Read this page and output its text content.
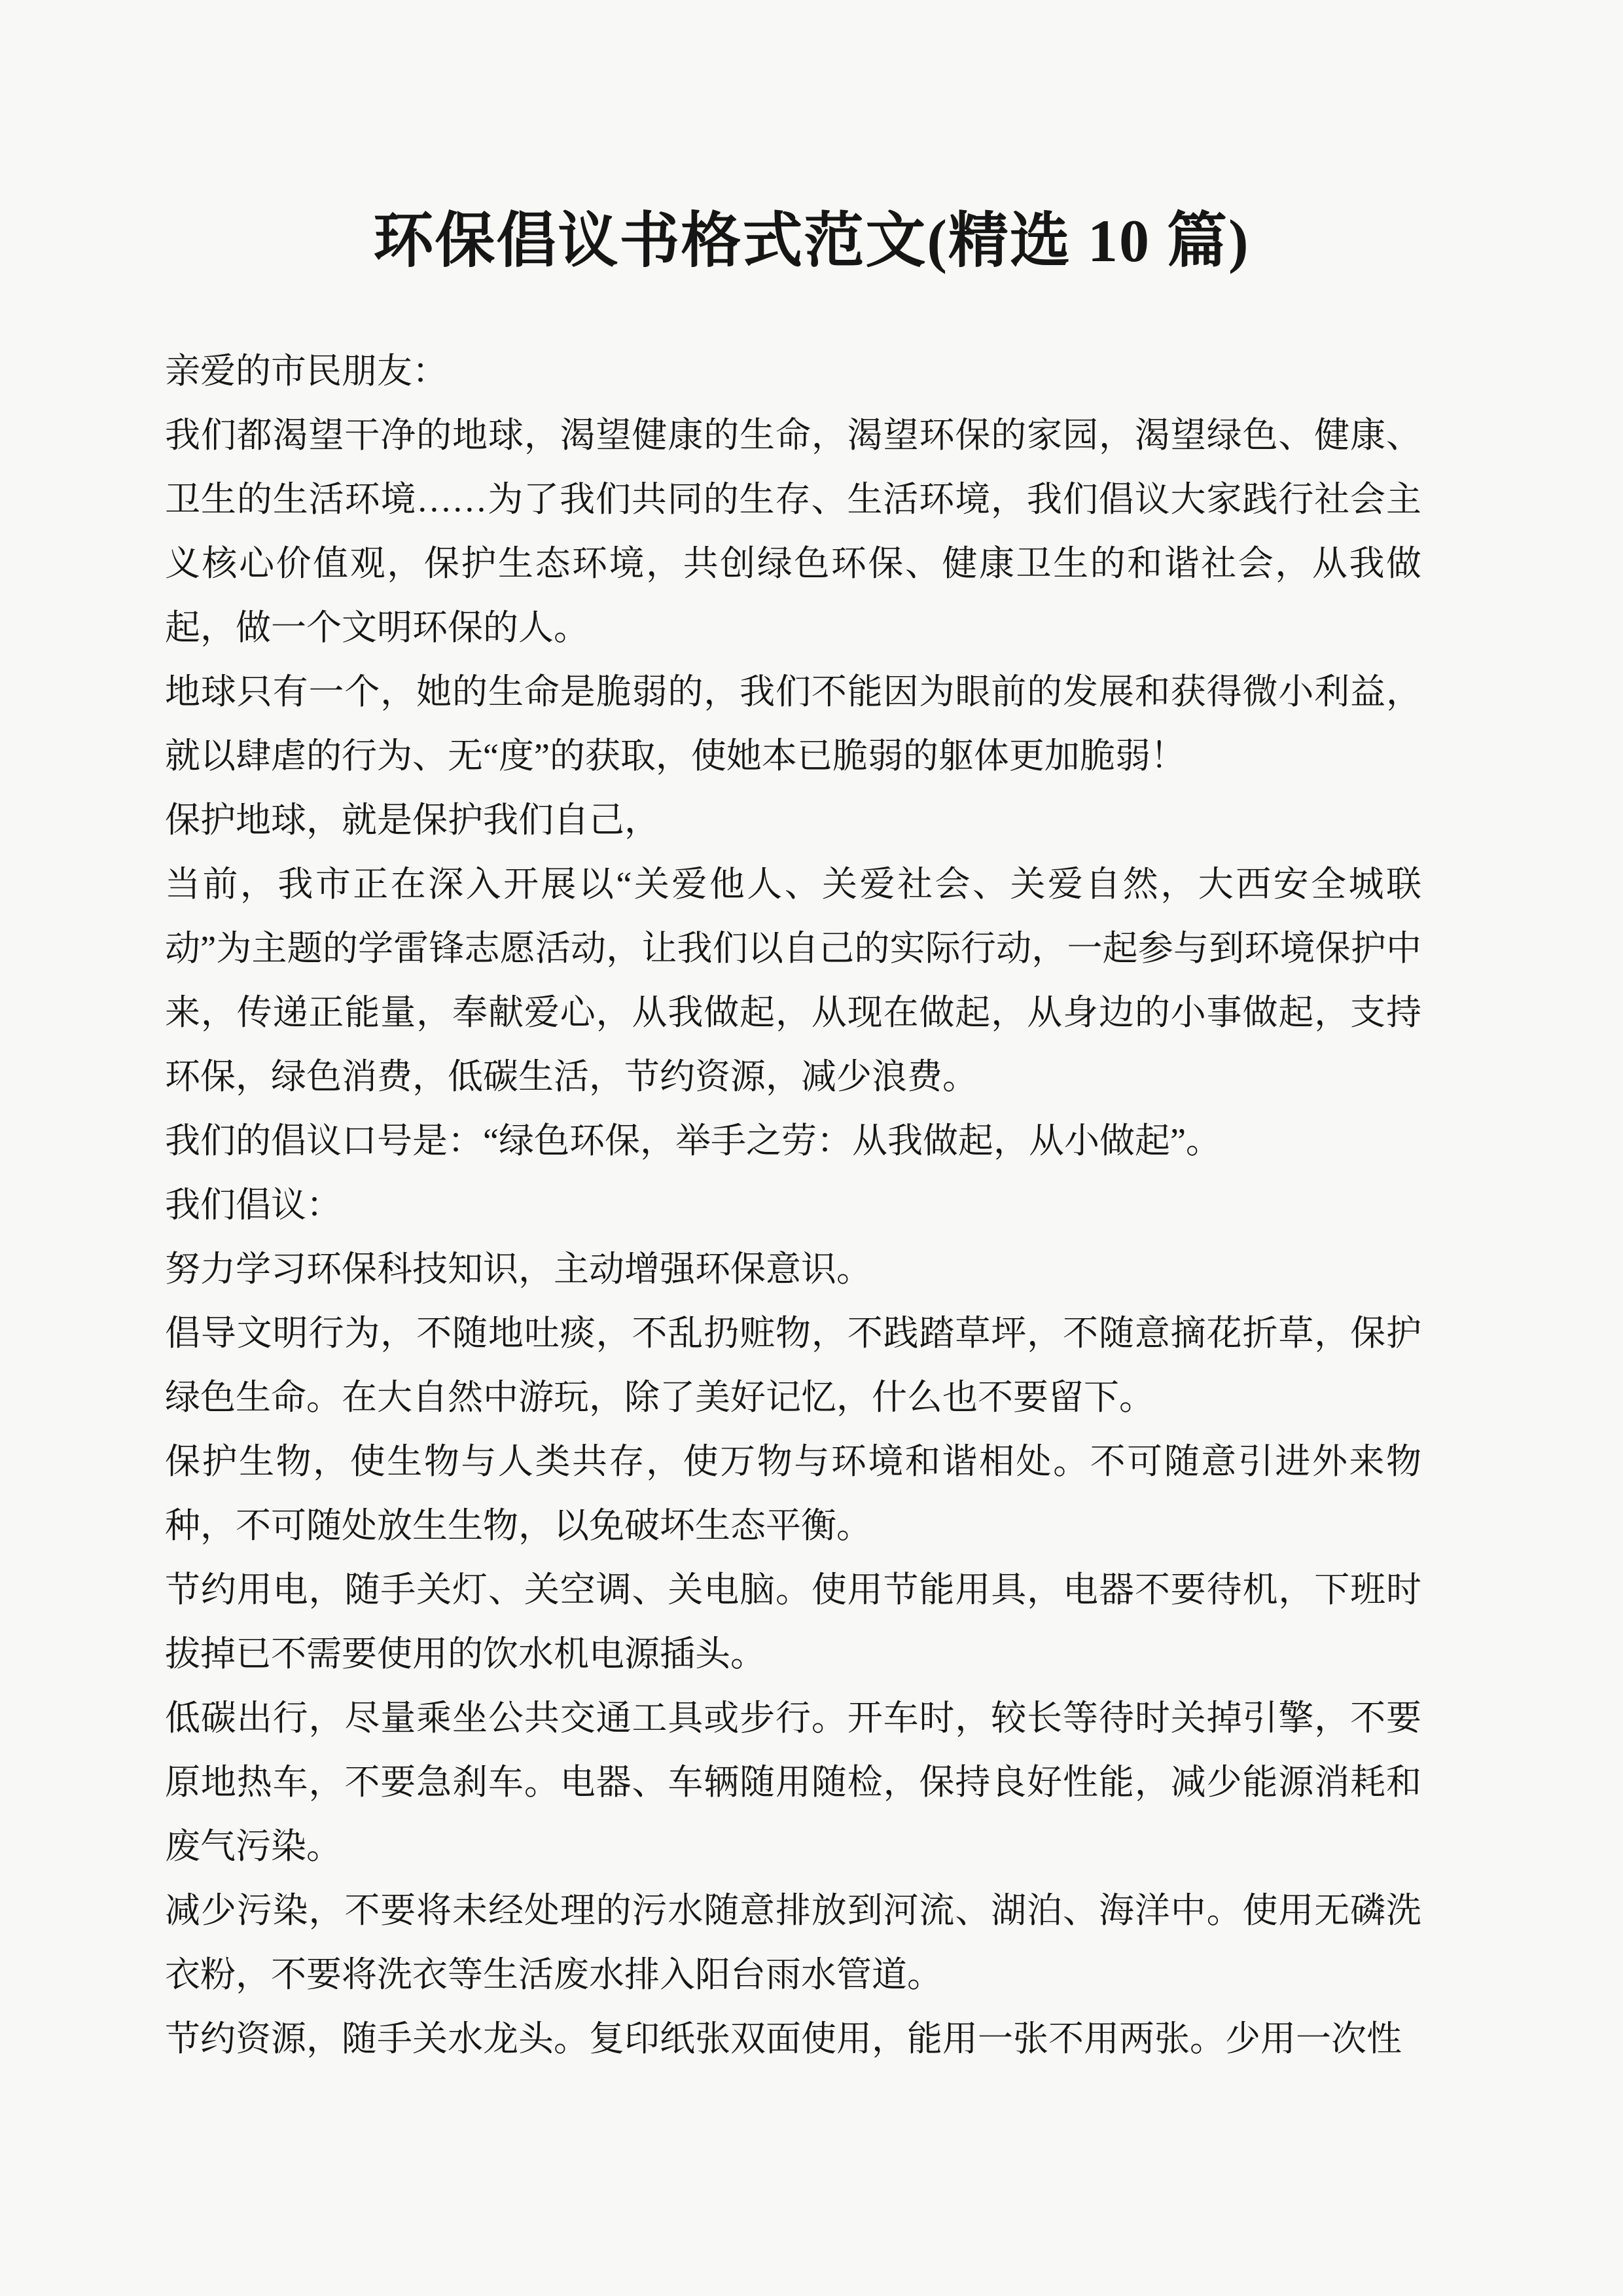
环保倡议书格式范文(精选 10 篇)

亲爱的市民朋友：

我们都渴望干净的地球，渴望健康的生命，渴望环保的家园，渴望绿色、健康、卫生的生活环境……为了我们共同的生存、生活环境，我们倡议大家践行社会主义核心价值观，保护生态环境，共创绿色环保、健康卫生的和谐社会，从我做起，做一个文明环保的人。

地球只有一个，她的生命是脆弱的，我们不能因为眼前的发展和获得微小利益，就以肆虐的行为、无“度”的获取，使她本已脆弱的躯体更加脆弱！

保护地球，就是保护我们自己，

当前，我市正在深入开展以“关爱他人、关爱社会、关爱自然，大西安全城联动”为主题的学雷锋志愿活动，让我们以自己的实际行动，一起参与到环境保护中来，传递正能量，奉献爱心，从我做起，从现在做起，从身边的小事做起，支持环保，绿色消费，低碳生活，节约资源，减少浪费。

我们的倡议口号是：“绿色环保，举手之劳：从我做起，从小做起”。

我们倡议：

努力学习环保科技知识，主动增强环保意识。

倡导文明行为，不随地吐痰，不乱扔赃物，不践踏草坪，不随意摘花折草，保护绿色生命。在大自然中游玩，除了美好记忆，什么也不要留下。

保护生物，使生物与人类共存，使万物与环境和谐相处。不可随意引进外来物种，不可随处放生生物，以免破坏生态平衡。

节约用电，随手关灯、关空调、关电脑。使用节能用具，电器不要待机，下班时拔掉已不需要使用的饮水机电源插头。

低碳出行，尽量乘坐公共交通工具或步行。开车时，较长等待时关掉引擎，不要原地热车，不要急刹车。电器、车辆随用随检，保持良好性能，减少能源消耗和废气污染。

减少污染，不要将未经处理的污水随意排放到河流、湖泊、海洋中。使用无磷洗衣粉，不要将洗衣等生活废水排入阳台雨水管道。

节约资源，随手关水龙头。复印纸张双面使用，能用一张不用两张。少用一次性
